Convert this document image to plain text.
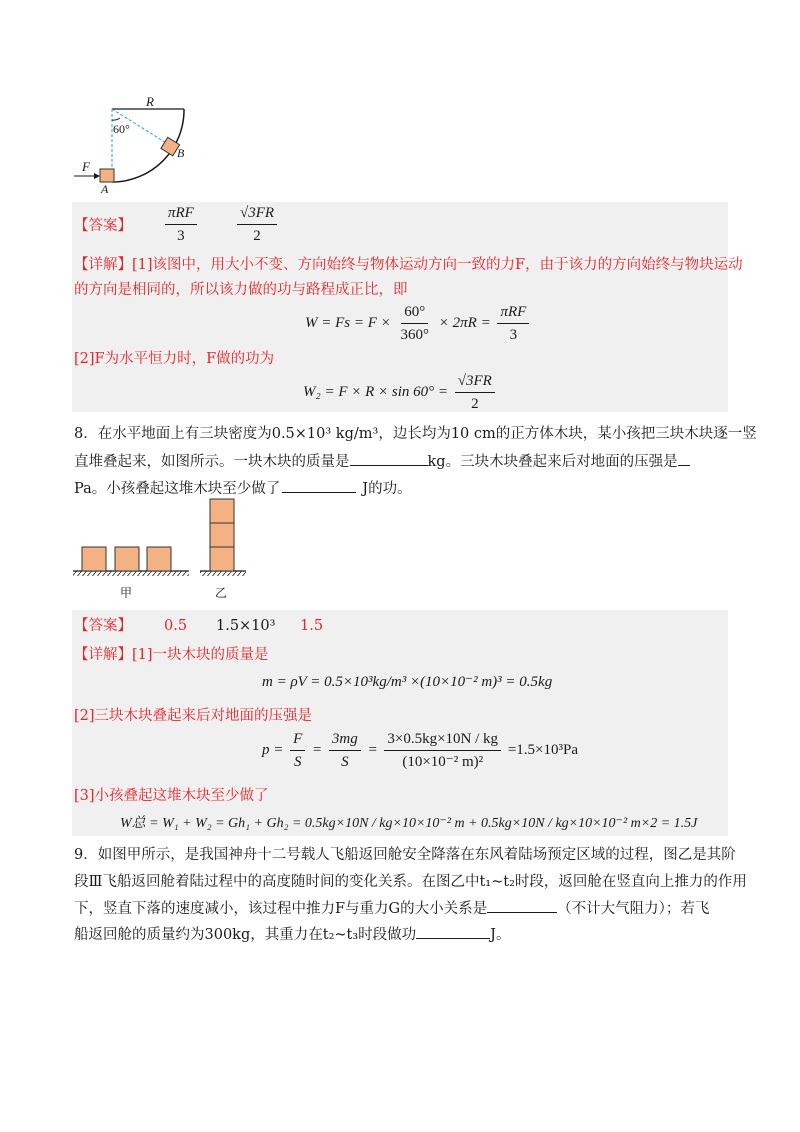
R
60°
B
F
A
【答案】 $\frac{\text{πRF}}{3}$	$\frac{√3FR}{2}$
【详解】[1]该图中，用大小不变、方向始终与物体运动方向一致的力F，由于该力的方向始终与物块运动
的方向是相同的，所以该力做的功与路程成正比，即
$W = Fs = F \times \frac{60^\circ}{360^\circ} \times 2\pi R = \frac{\text{πRF}}{3}$
[2]F为水平恒力时，F做的功为
$W_2 = F \times R \times \sin 60^\circ = \frac{√3FR}{2}$
8．在水平地面上有三块密度为0.5×10³ kg/m³，边长均为10 cm的正方体木块，某小孩把三块木块逐一竖
直堆叠起来，如图所示。一块木块的质量是	kg。三块木块叠起来后对地面的压强是
Pa。小孩叠起这堆木块至少做了	J的功。
甲	乙
【答案】 0.5 1.5×10³ 1.5
【详解】[1]一块木块的质量是
m = ρV = 0.5×10³kg/m³ ×(10×10⁻² m)³ = 0.5kg
[2]三块木块叠起来后对地面的压强是
$p = \frac{F}{S} = \frac{3mg}{S} = \frac{3\times 0.5kg\times 10N / kg}{\text{(10×10⁻² m)²}} =1.5\times 10^3Pa$
[3]小孩叠起这堆木块至少做了
W总 = W₁ + W₂ = Gh₁ + Gh₂ = 0.5kg×10N / kg×10×10⁻² m + 0.5kg×10N / kg×10×10⁻² m×2 = 1.5J
9．如图甲所示，是我国神舟十二号载人飞船返回舱安全降落在东风着陆场预定区域的过程，图乙是其阶
段Ⅲ飞船返回舱着陆过程中的高度随时间的变化关系。在图乙中t₁~t₂时段，返回舱在竖直向上推力的作用
下，竖直下落的速度减小，该过程中推力F与重力G的大小关系是	（不计大气阻力）；若飞
船返回舱的质量约为300kg，其重力在t₂~t₃时段做功	J。
